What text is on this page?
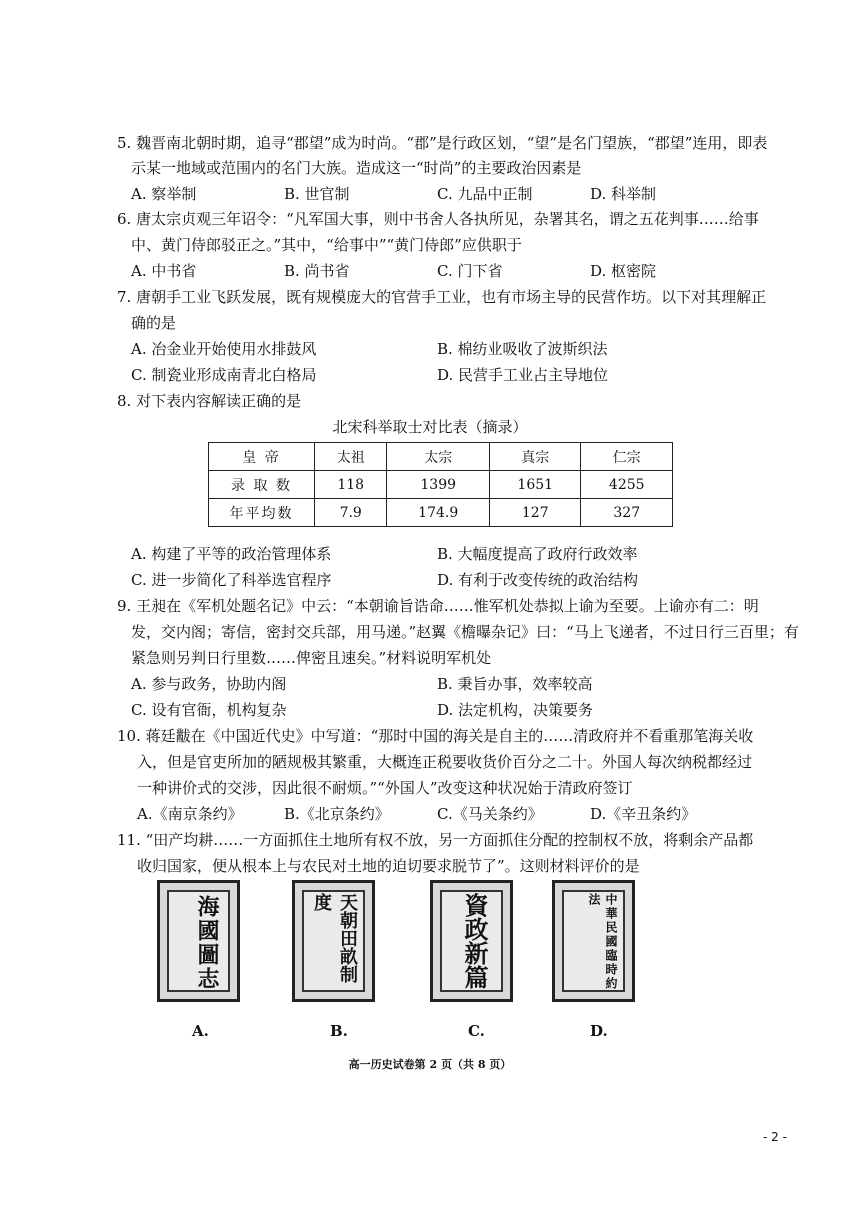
5. 魏晋南北朝时期，追寻“郡望”成为时尚。“郡”是行政区划，“望”是名门望族，“郡望”连用，即表
示某一地域或范围内的名门大族。造成这一“时尚”的主要政治因素是
A. 察举制	B. 世官制	C. 九品中正制	D. 科举制
6. 唐太宗贞观三年诏令：“凡军国大事，则中书舍人各执所见，杂署其名，谓之五花判事……给事
中、黄门侍郎驳正之。”其中，“给事中”“黄门侍郎”应供职于
A. 中书省	B. 尚书省	C. 门下省	D. 枢密院
7. 唐朝手工业飞跃发展，既有规模庞大的官营手工业，也有市场主导的民营作坊。以下对其理解正
确的是
A. 冶金业开始使用水排鼓风	B. 棉纺业吸收了波斯织法
C. 制瓷业形成南青北白格局	D. 民营手工业占主导地位
8. 对下表内容解读正确的是
北宋科举取士对比表（摘录）
皇 帝	太祖	太宗	真宗	仁宗
录 取 数	118	1399	1651	4255
年平均数	7.9	174.9	127	327
A. 构建了平等的政治管理体系	B. 大幅度提高了政府行政效率
C. 进一步简化了科举选官程序	D. 有利于改变传统的政治结构
9. 王昶在《军机处题名记》中云：“本朝谕旨诰命……惟军机处恭拟上谕为至要。上谕亦有二：明
发，交内阁；寄信，密封交兵部，用马递。”赵翼《檐曝杂记》曰：“马上飞递者，不过日行三百里；有
紧急则另判日行里数……俾密且速矣。”材料说明军机处
A. 参与政务，协助内阁	B. 秉旨办事，效率较高
C. 设有官衙，机构复杂	D. 法定机构，决策要务
10. 蒋廷黻在《中国近代史》中写道：“那时中国的海关是自主的……清政府并不看重那笔海关收
入，但是官吏所加的陋规极其繁重，大概连正税要收货价百分之二十。外国人每次纳税都经过
一种讲价式的交涉，因此很不耐烦。”“外国人”改变这种状况始于清政府签订
A.《南京条约》	B.《北京条约》	C.《马关条约》	D.《辛丑条约》
11. “田产均耕……一方面抓住土地所有权不放，另一方面抓住分配的控制权不放，将剩余产品都
收归国家，便从根本上与农民对土地的迫切要求脱节了”。这则材料评价的是
海國圖志	天朝田畝制度	資政新篇	中華民國臨時約法
A.	B.	C.	D.
高一历史试卷第 2 页（共 8 页）
- 2 -
